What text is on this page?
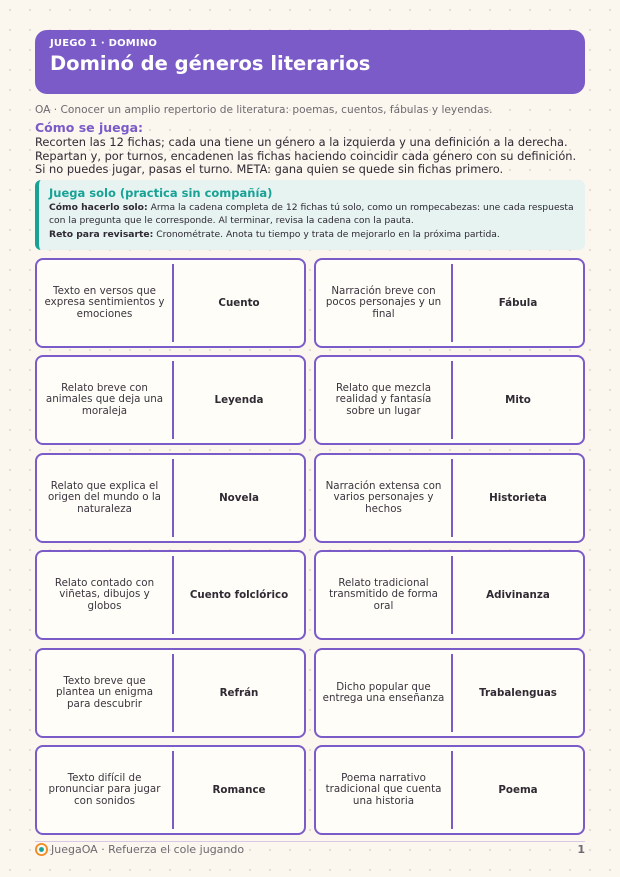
JUEGO 1 · DOMINO
Dominó de géneros literarios
OA · Conocer un amplio repertorio de literatura: poemas, cuentos, fábulas y leyendas.
Cómo se juega:
Recorten las 12 fichas; cada una tiene un género a la izquierda y una definición a la derecha. Repartan y, por turnos, encadenen las fichas haciendo coincidir cada género con su definición. Si no puedes jugar, pasas el turno. META: gana quien se quede sin fichas primero.
Juega solo (practica sin compañía)
Cómo hacerlo solo: Arma la cadena completa de 12 fichas tú solo, como un rompecabezas: une cada respuesta con la pregunta que le corresponde. Al terminar, revisa la cadena con la pauta.
Reto para revisarte: Cronométrate. Anota tu tiempo y trata de mejorarlo en la próxima partida.
Texto en versos que expresa sentimientos y emociones
Cuento
Narración breve con pocos personajes y un final
Fábula
Relato breve con animales que deja una moraleja
Leyenda
Relato que mezcla realidad y fantasía sobre un lugar
Mito
Relato que explica el origen del mundo o la naturaleza
Novela
Narración extensa con varios personajes y hechos
Historieta
Relato contado con viñetas, dibujos y globos
Cuento folclórico
Relato tradicional transmitido de forma oral
Adivinanza
Texto breve que plantea un enigma para descubrir
Refrán
Dicho popular que entrega una enseñanza	Trabalenguas
Texto difícil de pronunciar para jugar con sonidos
Romance
Poema narrativo tradicional que cuenta una historia
Poema
JuegaOA · Refuerza el cole jugando	1
